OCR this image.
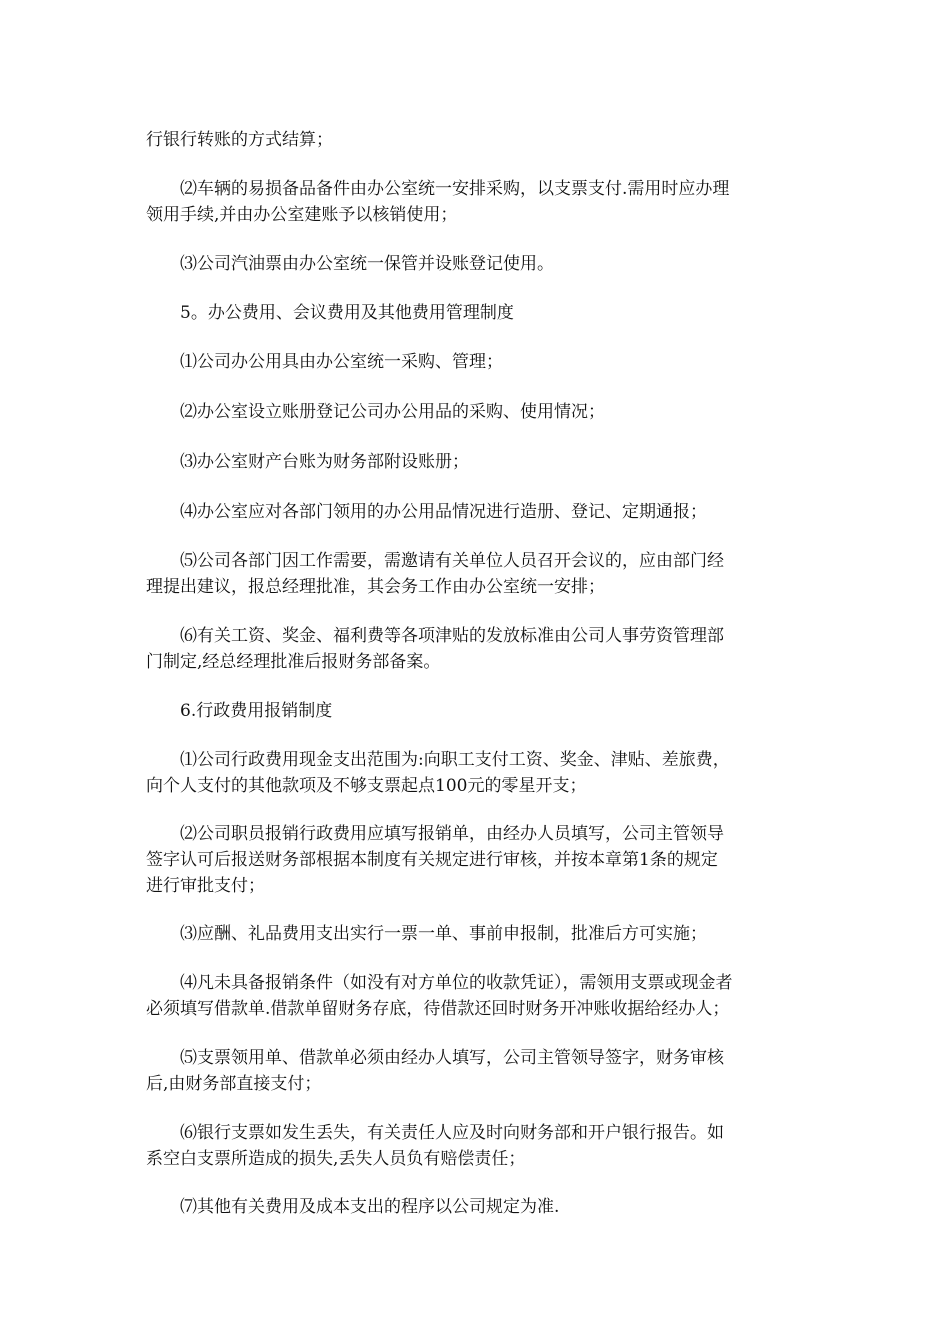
行银行转账的方式结算；

⑵车辆的易损备品备件由办公室统一安排采购，以支票支付.需用时应办理

领用手续,并由办公室建账予以核销使用；

⑶公司汽油票由办公室统一保管并设账登记使用。

5。办公费用、会议费用及其他费用管理制度

⑴公司办公用具由办公室统一采购、管理；

⑵办公室设立账册登记公司办公用品的采购、使用情况；

⑶办公室财产台账为财务部附设账册；

⑷办公室应对各部门领用的办公用品情况进行造册、登记、定期通报；

⑸公司各部门因工作需要，需邀请有关单位人员召开会议的，应由部门经

理提出建议，报总经理批准，其会务工作由办公室统一安排；

⑹有关工资、奖金、福利费等各项津贴的发放标准由公司人事劳资管理部

门制定,经总经理批准后报财务部备案。

6.行政费用报销制度

⑴公司行政费用现金支出范围为:向职工支付工资、奖金、津贴、差旅费，

向个人支付的其他款项及不够支票起点100元的零星开支；

⑵公司职员报销行政费用应填写报销单，由经办人员填写，公司主管领导

签字认可后报送财务部根据本制度有关规定进行审核，并按本章第1条的规定

进行审批支付；

⑶应酬、礼品费用支出实行一票一单、事前申报制，批准后方可实施；

⑷凡未具备报销条件（如没有对方单位的收款凭证），需领用支票或现金者

必须填写借款单.借款单留财务存底，待借款还回时财务开冲账收据给经办人；

⑸支票领用单、借款单必须由经办人填写，公司主管领导签字，财务审核

后,由财务部直接支付；

⑹银行支票如发生丢失，有关责任人应及时向财务部和开户银行报告。如

系空白支票所造成的损失,丢失人员负有赔偿责任；

⑺其他有关费用及成本支出的程序以公司规定为准.
